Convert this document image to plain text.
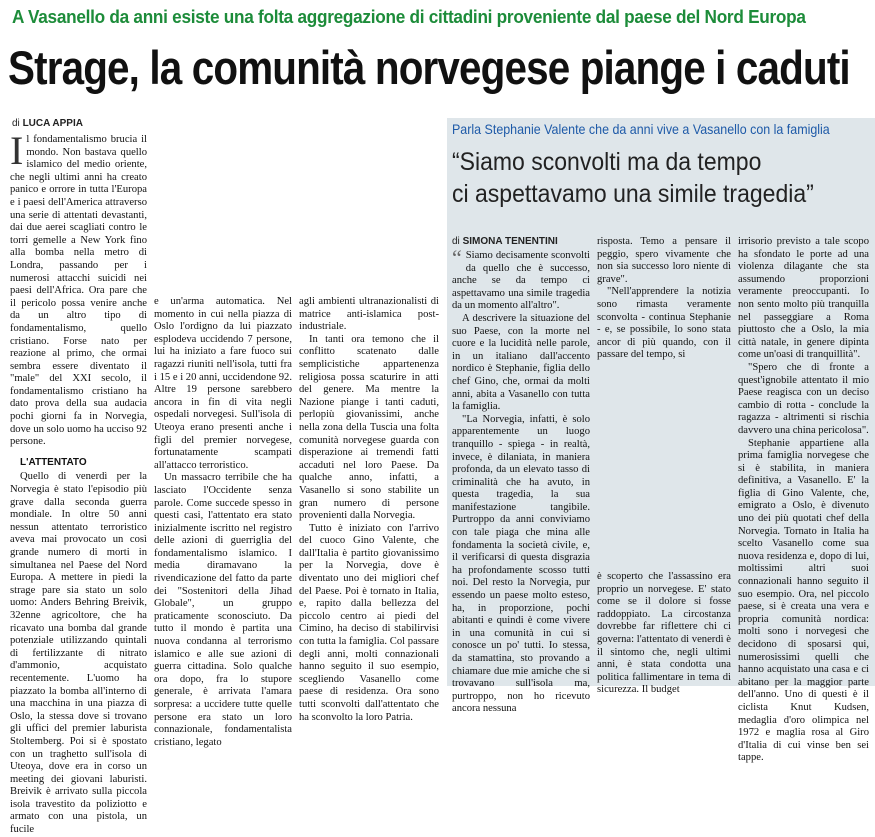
A Vasanello da anni esiste una folta aggregazione di cittadini proveniente dal paese del Nord Europa
Strage, la comunità norvegese piange i caduti
di LUCA APPIA

Il fondamentalismo brucia il mondo. Non bastava quello islamico del medio oriente, che negli ultimi anni ha creato panico e orrore in tutta l'Europa e i paesi dell'America attraverso una serie di attentati devastanti, dai due aerei scagliati contro le torri gemelle a New York fino alla bomba nella metro di Londra, passando per i numerosi attacchi suicidi nei paesi dell'Africa. Ora pare che il pericolo possa venire anche da un altro tipo di fondamentalismo, quello cristiano. Forse nato per reazione al primo, che ormai sembra essere diventato il "male" del XXI secolo, il fondamentalismo cristiano ha dato prova della sua audacia pochi giorni fa in Norvegia, dove un solo uomo ha ucciso 92 persone.

L'ATTENTATO

Quello di venerdì per la Norvegia è stato l'episodio più grave dalla seconda guerra mondiale. In oltre 50 anni nessun attentato terroristico aveva mai provocato un così grande numero di morti in simultanea nel Paese del Nord Europa. A mettere in piedi la strage pare sia stato un solo uomo: Anders Behring Breivik, 32enne agricoltore, che ha ricavato una bomba dal grande potenziale utilizzando quintali di fertilizzante di nitrato d'ammonio, acquistato recentemente. L'uomo ha piazzato la bomba all'interno di una macchina in una piazza di Oslo, la stessa dove si trovano gli uffici del premier laburista Stoltemberg. Poi si è spostato con un traghetto sull'isola di Uteoya, dove era in corso un meeting dei giovani laburisti. Breivik è arrivato sulla piccola isola travestito da poliziotto e armato con una pistola, un fucile

e un'arma automatica. Nel momento in cui nella piazza di Oslo l'ordigno da lui piazzato esplodeva uccidendo 7 persone, lui ha iniziato a fare fuoco sui ragazzi riuniti nell'isola, tutti fra i 15 e i 20 anni, uccidendone 92. Altre 19 persone sarebbero ancora in fin di vita negli ospedali norvegesi. Sull'isola di Uteoya erano presenti anche i figli del premier norvegese, fortunatamente scampati all'attacco terroristico.

Un massacro terribile che ha lasciato l'Occidente senza parole. Come succede spesso in questi casi, l'attentato era stato inizialmente iscritto nel registro delle azioni di guerriglia del fondamentalismo islamico. I media diramavano la rivendicazione del fatto da parte dei "Sostenitori della Jihad Globale", un gruppo praticamente sconosciuto. Da tutto il mondo è partita una nuova condanna al terrorismo islamico e alle sue azioni di guerra cittadina. Solo qualche ora dopo, fra lo stupore generale, è arrivata l'amara sorpresa: a uccidere tutte quelle persone era stato un loro connazionale, fondamentalista cristiano, legato

agli ambienti ultranazionalisti di matrice anti-islamica post-industriale.

In tanti ora temono che il conflitto scatenato dalle semplicistiche appartenenza religiosa possa scaturire in atti del genere. Ma mentre la Nazione piange i tanti caduti, perlopiù giovanissimi, anche nella zona della Tuscia una folta comunità norvegese guarda con disperazione ai tremendi fatti accaduti nel loro Paese. Da qualche anno, infatti, a Vasanello si sono stabilite un gran numero di persone provenienti dalla Norvegia.

Tutto è iniziato con l'arrivo del cuoco Gino Valente, che dall'Italia è partito giovanissimo per la Norvegia, dove è diventato uno dei migliori chef del Paese. Poi è tornato in Italia, e, rapito dalla bellezza del piccolo centro ai piedi del Cimino, ha deciso di stabilirvisi con tutta la famiglia. Col passare degli anni, molti connazionali hanno seguito il suo esempio, scegliendo Vasanello come paese di residenza. Ora sono tutti sconvolti dall'attentato che ha sconvolto la loro Patria.

Parla Stephanie Valente che da anni vive a Vasanello con la famiglia
“Siamo sconvolti ma da tempo
ci aspettavamo una simile tragedia”
di SIMONA TENENTINI

“ Siamo decisamente sconvolti da quello che è successo, anche se da tempo ci aspettavamo una simile tragedia da un momento all'altro".

A descrivere la situazione del suo Paese, con la morte nel cuore e la lucidità nelle parole, in un italiano dall'accento nordico è Stephanie, figlia dello chef Gino, che, ormai da molti anni, abita a Vasanello con tutta la famiglia.

"La Norvegia, infatti, è solo apparentemente un luogo tranquillo - spiega - in realtà, invece, è dilaniata, in maniera profonda, da un elevato tasso di criminalità che ha avuto, in questa tragedia, la sua manifestazione tangibile. Purtroppo da anni conviviamo con tale piaga che mina alle fondamenta la società civile, e, il verificarsi di questa disgrazia ha profondamente scosso tutti noi. Del resto la Norvegia, pur essendo un paese molto esteso, ha, in proporzione, pochi abitanti e quindi è come vivere in una comunità in cui si conosce un po' tutti. Io stessa, da stamattina, sto provando a chiamare due mie amiche che si trovavano sull'isola ma, purtroppo, non ho ricevuto ancora nessuna

risposta. Temo a pensare il peggio, spero vivamente che non sia successo loro niente di grave".

"Nell'apprendere la notizia sono rimasta veramente sconvolta - continua Stephanie - e, se possibile, lo sono stata ancor di più quando, con il passare del tempo, si

è scoperto che l'assassino era proprio un norvegese. E' stato come se il dolore si fosse raddoppiato. La circostanza dovrebbe far riflettere chi ci governa: l'attentato di venerdì è il sintomo che, negli ultimi anni, è stata condotta una politica fallimentare in tema di sicurezza. Il budget

irrisorio previsto a tale scopo ha sfondato le porte ad una violenza dilagante che sta assumendo proporzioni veramente preoccupanti. Io non sento molto più tranquilla nel passeggiare a Roma piuttosto che a Oslo, la mia città natale, in genere dipinta come un'oasi di tranquillità".

"Spero che di fronte a quest'ignobile attentato il mio Paese reagisca con un deciso cambio di rotta - conclude la ragazza - altrimenti si rischia davvero una china pericolosa".

Stephanie appartiene alla prima famiglia norvegese che si è stabilita, in maniera definitiva, a Vasanello. E' la figlia di Gino Valente, che, emigrato a Oslo, è divenuto uno dei più quotati chef della Norvegia. Tornato in Italia ha scelto Vasanello come sua nuova residenza e, dopo di lui, moltissimi altri suoi connazionali hanno seguito il suo esempio. Ora, nel piccolo paese, si è creata una vera e propria comunità nordica: molti sono i norvegesi che decidono di sposarsi qui, numerosissimi quelli che hanno acquistato una casa e ci abitano per la maggior parte dell'anno. Uno di questi è il ciclista Knut Kudsen, medaglia d'oro olimpica nel 1972 e maglia rosa al Giro d'Italia di cui vinse ben sei tappe.
